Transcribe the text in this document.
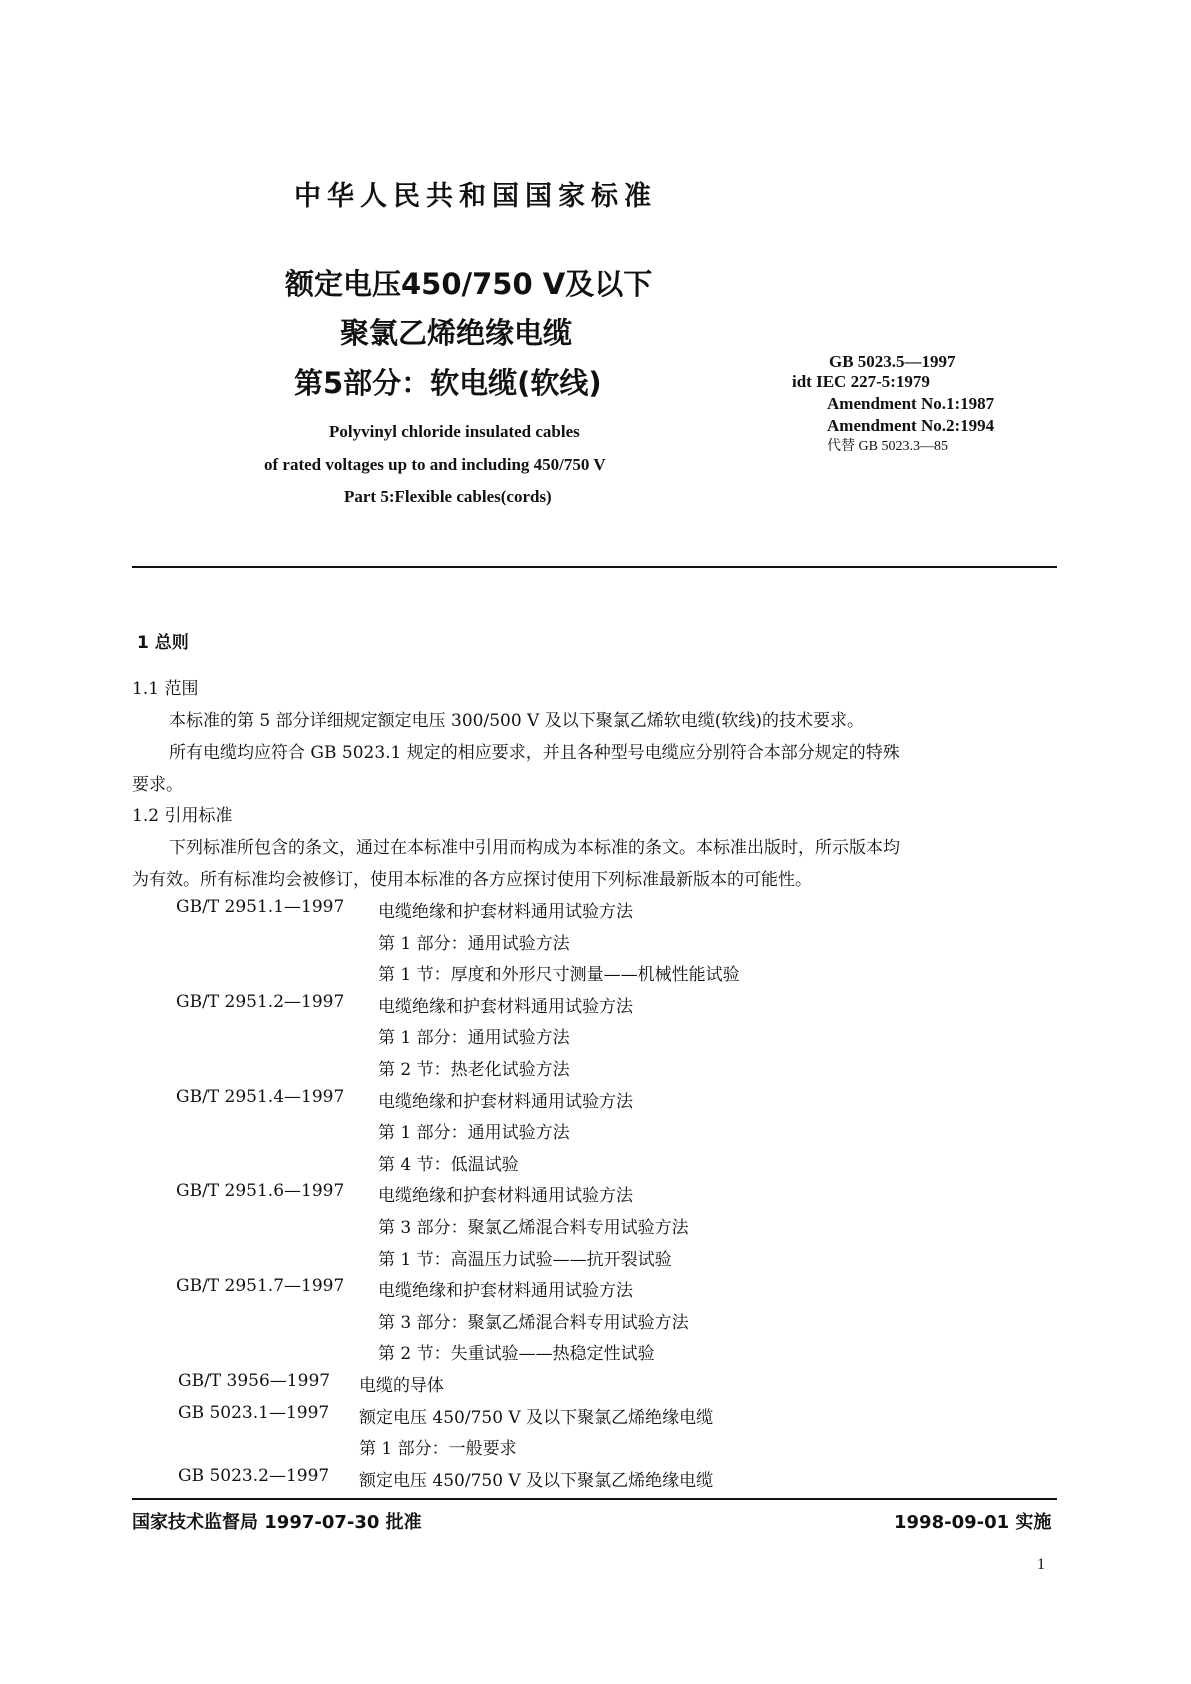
中华人民共和国国家标准
额定电压450/750 V及以下
聚氯乙烯绝缘电缆
第5部分：软电缆(软线)
Polyvinyl chloride insulated cables
of rated voltages up to and including 450/750 V
Part 5:Flexible cables(cords)
GB 5023.5—1997
idt IEC 227-5:1979
Amendment No.1:1987
Amendment No.2:1994
代替 GB 5023.3—85
1 总则
1.1 范围
本标准的第 5 部分详细规定额定电压 300/500 V 及以下聚氯乙烯软电缆(软线)的技术要求。
所有电缆均应符合 GB 5023.1 规定的相应要求，并且各种型号电缆应分别符合本部分规定的特殊
要求。
1.2 引用标准
下列标准所包含的条文，通过在本标准中引用而构成为本标准的条文。本标准出版时，所示版本均
为有效。所有标准均会被修订，使用本标准的各方应探讨使用下列标准最新版本的可能性。
GB/T 2951.1—1997 电缆绝缘和护套材料通用试验方法
第 1 部分：通用试验方法
第 1 节：厚度和外形尺寸测量——机械性能试验
GB/T 2951.2—1997 电缆绝缘和护套材料通用试验方法
第 1 部分：通用试验方法
第 2 节：热老化试验方法
GB/T 2951.4—1997 电缆绝缘和护套材料通用试验方法
第 1 部分：通用试验方法
第 4 节：低温试验
GB/T 2951.6—1997 电缆绝缘和护套材料通用试验方法
第 3 部分：聚氯乙烯混合料专用试验方法
第 1 节：高温压力试验——抗开裂试验
GB/T 2951.7—1997 电缆绝缘和护套材料通用试验方法
第 3 部分：聚氯乙烯混合料专用试验方法
第 2 节：失重试验——热稳定性试验
GB/T 3956—1997 电缆的导体
GB 5023.1—1997 额定电压 450/750 V 及以下聚氯乙烯绝缘电缆
第 1 部分：一般要求
GB 5023.2—1997 额定电压 450/750 V 及以下聚氯乙烯绝缘电缆
国家技术监督局 1997-07-30 批准	1998-09-01 实施
1
